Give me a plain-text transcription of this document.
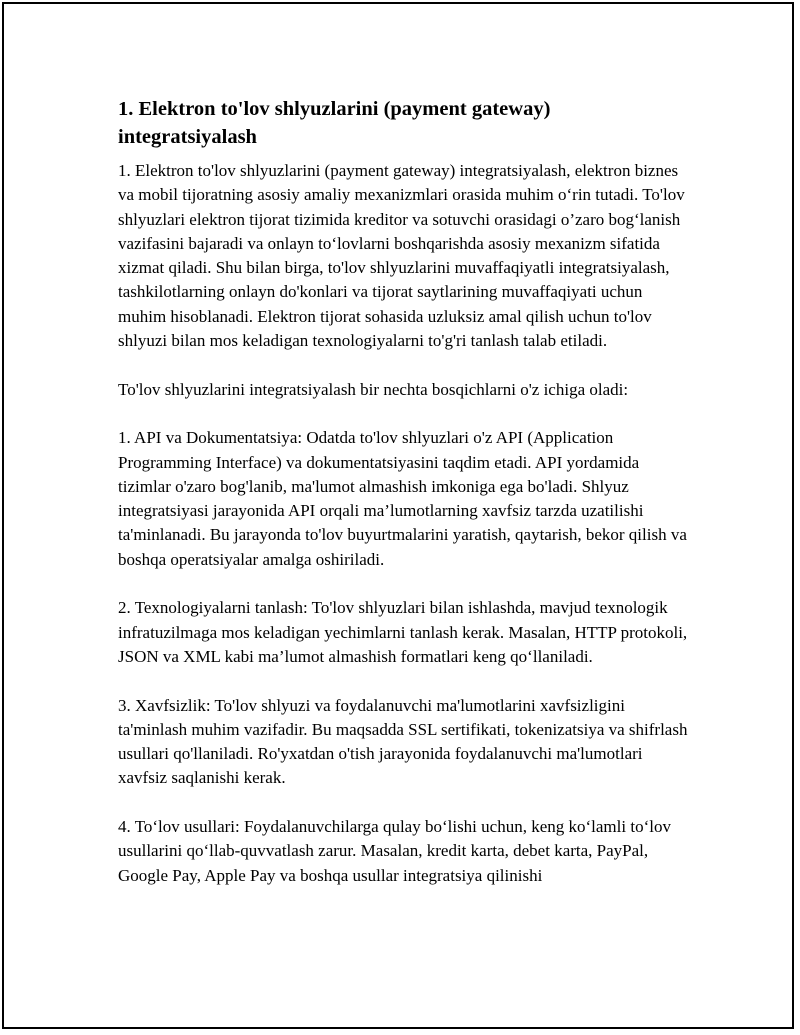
1. Elektron to'lov shlyuzlarini (payment gateway) integratsiyalash

1. Elektron to'lov shlyuzlarini (payment gateway) integratsiyalash, elektron biznes va mobil tijoratning asosiy amaliy mexanizmlari orasida muhim o‘rin tutadi. To'lov shlyuzlari elektron tijorat tizimida kreditor va sotuvchi orasidagi o’zaro bog‘lanish vazifasini bajaradi va onlayn to‘lovlarni boshqarishda asosiy mexanizm sifatida xizmat qiladi. Shu bilan birga, to'lov shlyuzlarini muvaffaqiyatli integratsiyalash, tashkilotlarning onlayn do'konlari va tijorat saytlarining muvaffaqiyati uchun muhim hisoblanadi. Elektron tijorat sohasida uzluksiz amal qilish uchun to'lov shlyuzi bilan mos keladigan texnologiyalarni to'g'ri tanlash talab etiladi.

To'lov shlyuzlarini integratsiyalash bir nechta bosqichlarni o'z ichiga oladi:

1. API va Dokumentatsiya: Odatda to'lov shlyuzlari o'z API (Application Programming Interface) va dokumentatsiyasini taqdim etadi. API yordamida tizimlar o'zaro bog'lanib, ma'lumot almashish imkoniga ega bo'ladi. Shlyuz integratsiyasi jarayonida API orqali ma’lumotlarning xavfsiz tarzda uzatilishi ta'minlanadi. Bu jarayonda to'lov buyurtmalarini yaratish, qaytarish, bekor qilish va boshqa operatsiyalar amalga oshiriladi.

2. Texnologiyalarni tanlash: To'lov shlyuzlari bilan ishlashda, mavjud texnologik infratuzilmaga mos keladigan yechimlarni tanlash kerak. Masalan, HTTP protokoli, JSON va XML kabi ma’lumot almashish formatlari keng qo‘llaniladi.

3. Xavfsizlik: To'lov shlyuzi va foydalanuvchi ma'lumotlarini xavfsizligini ta'minlash muhim vazifadir. Bu maqsadda SSL sertifikati, tokenizatsiya va shifrlash usullari qo'llaniladi. Ro'yxatdan o'tish jarayonida foydalanuvchi ma'lumotlari xavfsiz saqlanishi kerak.

4. To‘lov usullari: Foydalanuvchilarga qulay bo‘lishi uchun, keng ko‘lamli to‘lov usullarini qo‘llab-quvvatlash zarur. Masalan, kredit karta, debet karta, PayPal, Google Pay, Apple Pay va boshqa usullar integratsiya qilinishi
